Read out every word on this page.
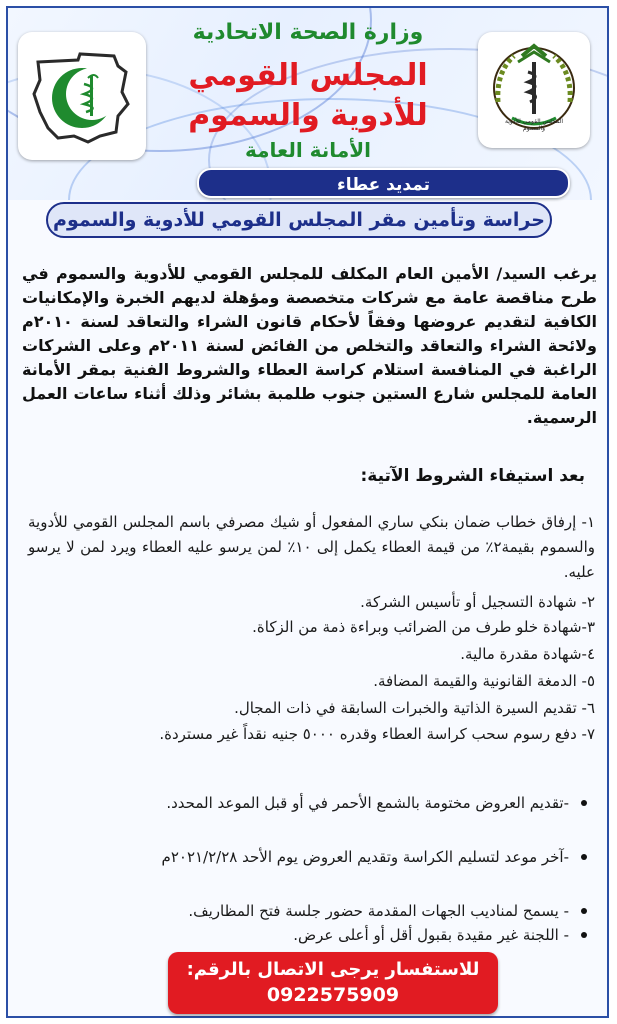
المجلس القومي للأدوية والسموم
وزارة الصحة الاتحادية
المجلس القومي
للأدوية والسموم
الأمانة العامة
تمديد عطاء
حراسة وتأمين مقر المجلس القومي للأدوية والسموم
يرغب السيد/ الأمين العام المكلف للمجلس القومي للأدوية والسموم في طرح مناقصة عامة مع شركات متخصصة ومؤهلة لديهم الخبرة والإمكانيات الكافية لتقديم عروضها وفقاً لأحكام قانون الشراء والتعاقد لسنة ٢٠١٠م ولائحة الشراء والتعاقد والتخلص من الفائض لسنة ٢٠١١م وعلى الشركات الراغبة في المنافسة استلام كراسة العطاء والشروط الفنية بمقر الأمانة العامة للمجلس شارع الستين جنوب طلمبة بشائر وذلك أثناء ساعات العمل الرسمية.
بعد استيفاء الشروط الآتية:
١- إرفاق خطاب ضمان بنكي ساري المفعول أو شيك مصرفي باسم المجلس القومي للأدوية والسموم بقيمة٢٪ من قيمة العطاء يكمل إلى ١٠٪ لمن يرسو عليه العطاء ويرد لمن لا يرسو عليه.
٢- شهادة التسجيل أو تأسيس الشركة.
٣-شهادة خلو طرف من الضرائب وبراءة ذمة من الزكاة.
٤-شهادة مقدرة مالية.
٥- الدمغة القانونية والقيمة المضافة.
٦- تقديم السيرة الذاتية والخبرات السابقة في ذات المجال.
٧- دفع رسوم سحب كراسة العطاء وقدره ٥٠٠٠ جنيه نقداً غير مستردة.
-تقديم العروض مختومة بالشمع الأحمر في أو قبل الموعد المحدد.
-آخر موعد لتسليم الكراسة وتقديم العروض يوم الأحد ٢٠٢١/٢/٢٨م
- يسمح لمناديب الجهات المقدمة حضور جلسة فتح المظاريف.
- اللجنة غير مقيدة بقبول أقل أو أعلى عرض.
للاستفسار يرجى الاتصال بالرقم:
0922575909
